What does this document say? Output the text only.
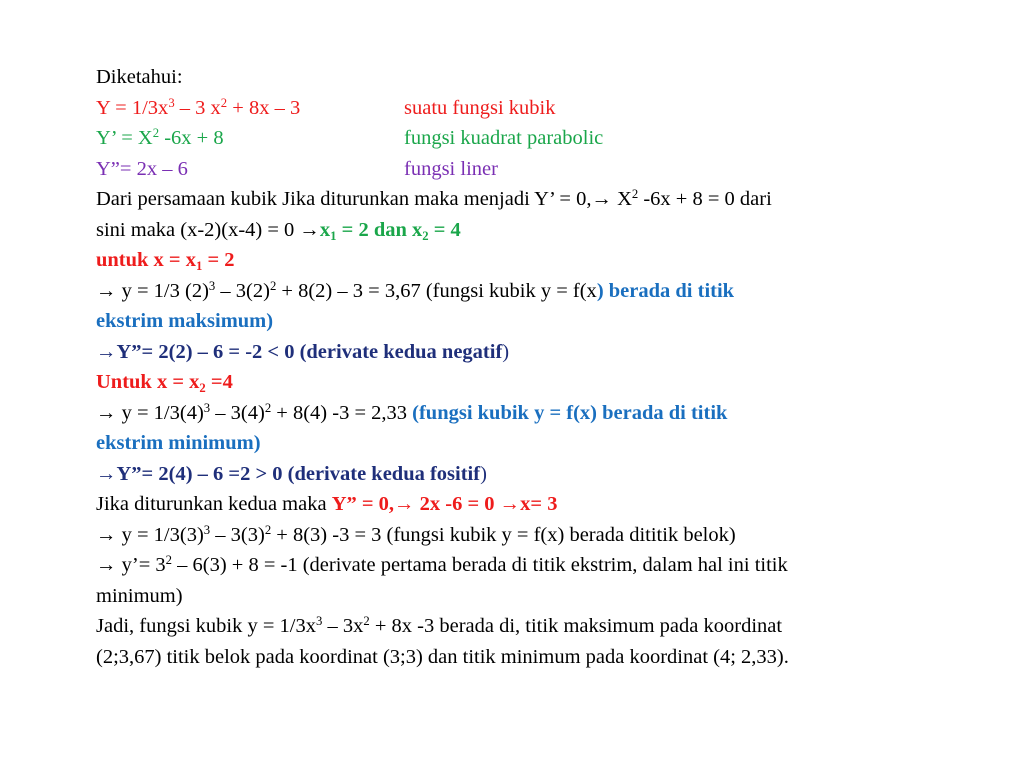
Diketahui:
$Y = 1/3x^3 - 3$ $x^2 + 8x - 3$	suatu fungsi kubik
Y’ = $X^2$ -6x + 8	fungsi kuadrat parabolic
Y”= 2x – 6	fungsi liner
Dari persamaan kubik Jika diturunkan maka menjadi Y’ = $0,\to X^2$ -6x + 8 = 0 dari
sini maka $(x-2)(x-4) = 0 \to x_1 = 2$ dan $x_2 = 4$
untuk $x = x_1 = 2$
→ y = 1/3 $(2)^3 - 3(2)^2 + 8(2) - 3 = 3,67$ (fungsi kubik y = f(x) berada di titik
ekstrim maksimum)
→Y”= 2(2) – 6 = -2 < 0 (derivate kedua negatif)
Untuk $x = x_2 =4$
→ $y = 1/3(4)^3 - 3(4)^2 + 8(4) -3 = 2,33$ (fungsi kubik y = f(x) berada di titik
ekstrim minimum)
→Y”= 2(4) – 6 =2 > 0 (derivate kedua fositif)
Jika diturunkan kedua maka Y” = 0,→ 2x -6 = 0 →x= 3
→ $y = 1/3(3)^3 - 3(3)^2 + 8(3) -3 = 3$ (fungsi kubik y = f(x) berada dititik belok)
→ y’= $3^2 - 6(3) + 8 = -1$ (derivate pertama berada di titik ekstrim, dalam hal ini titik
minimum)
Jadi, fungsi kubik $y = 1/3x^3 - 3x^2 + 8x$ -3 berada di, titik maksimum pada koordinat
(2;3,67) titik belok pada koordinat (3;3) dan titik minimum pada koordinat (4; 2,33).
